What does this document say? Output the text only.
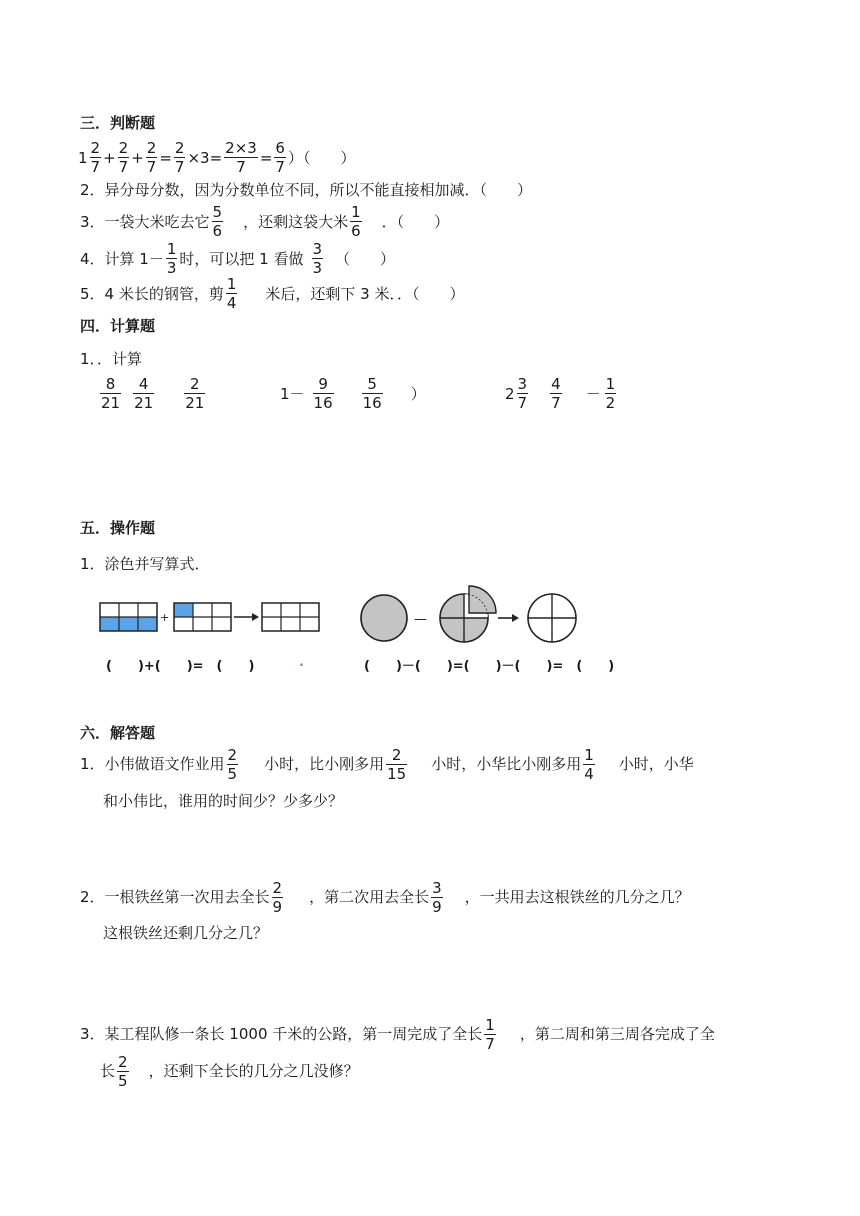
三．判断题
$1 \frac{2}{7} + \frac{2}{7} + \frac{2}{7} = \frac{2}{7} \times 3= \frac{2\times 3}{7} = \frac{6}{7}$ ）（　　）
2．异分母分数，因为分数单位不同，所以不能直接相加减．（　　）
3．一袋大米吃去它 $\frac{5}{6}$ ，还剩这袋大米 $\frac{1}{6}$ ．（　　）
4．计算 $1- \frac{1}{3}$ 时，可以把 1 看做 $\frac{3}{3}$ （　　）
5．4 米长的钢管，剪 $\frac{1}{4}$ 米后，还剩下 3 米．．（　　）
四．计算题
1．．计算
$\frac{8}{21} \frac{4}{21} \frac{2}{21}$	$1- \frac{9}{16} \frac{5}{16}$ ）	$2 \frac{3}{7} \frac{4}{7} - \frac{1}{2}$
五．操作题
1．涂色并写算式．
+
(　　)+(　　)=　(　　)	.
—
(　　)－(　　)=(　　)－(　　)=　(　　)
六．解答题
1．小伟做语文作业用 $\frac{2}{5}$ 小时，比小刚多用 $\frac{2}{15}$ 小时，小华比小刚多用 $\frac{1}{4}$ 小时，小华
和小伟比，谁用的时间少？少多少？
2．一根铁丝第一次用去全长 $\frac{2}{9}$ ，第二次用去全长 $\frac{3}{9}$ ，一共用去这根铁丝的几分之几？
这根铁丝还剩几分之几？
3．某工程队修一条长 1000 千米的公路，第一周完成了全长 $\frac{1}{7}$ ，第二周和第三周各完成了全
长 $\frac{2}{5}$ ，还剩下全长的几分之几没修？
